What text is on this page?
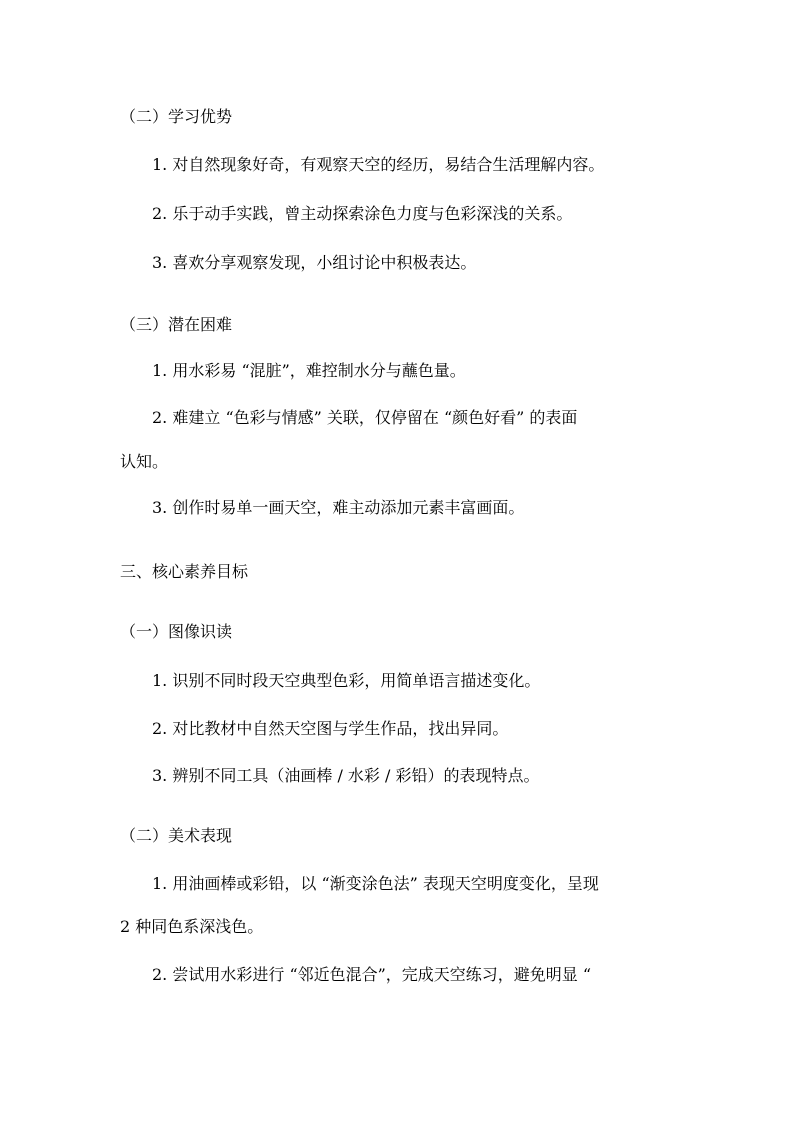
（二）学习优势
1. 对自然现象好奇，有观察天空的经历，易结合生活理解内容。
2. 乐于动手实践，曾主动探索涂色力度与色彩深浅的关系。
3. 喜欢分享观察发现，小组讨论中积极表达。
（三）潜在困难
1. 用水彩易 “混脏”，难控制水分与蘸色量。
2. 难建立 “色彩与情感” 关联，仅停留在 “颜色好看” 的表面
认知。
3. 创作时易单一画天空，难主动添加元素丰富画面。
三、核心素养目标
（一）图像识读
1. 识别不同时段天空典型色彩，用简单语言描述变化。
2. 对比教材中自然天空图与学生作品，找出异同。
3. 辨别不同工具（油画棒 / 水彩 / 彩铅）的表现特点。
（二）美术表现
1. 用油画棒或彩铅，以 “渐变涂色法” 表现天空明度变化，呈现
2 种同色系深浅色。
2. 尝试用水彩进行 “邻近色混合”，完成天空练习，避免明显 “
